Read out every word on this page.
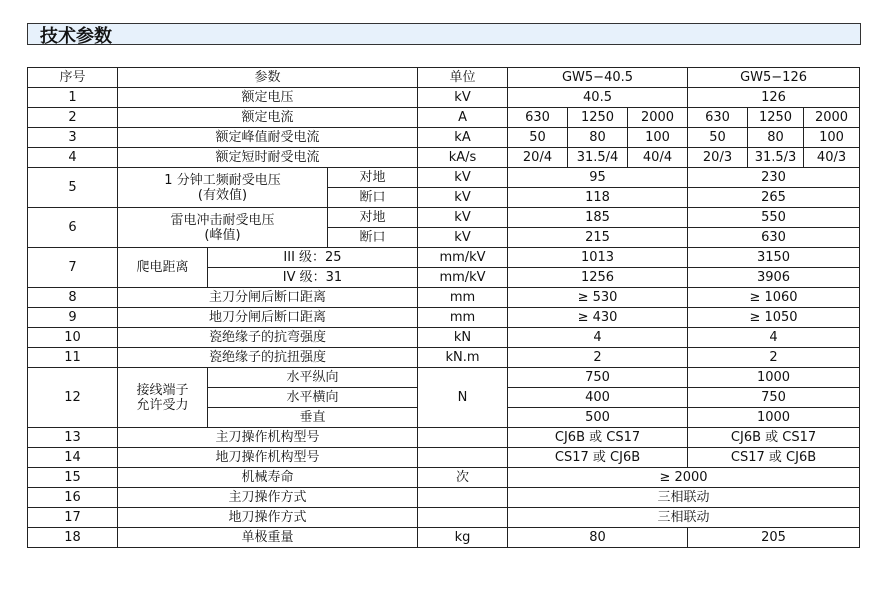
技术参数
序号	参数			单位	GW5−40.5			GW5−126		
1	额定电压			kV	40.5			126		
2	额定电流			A	630	1250	2000	630	1250	2000
3	额定峰值耐受电流			kA	50	80	100	50	80	100
4	额定短时耐受电流			kA/s	20/4	31.5/4	40/4	20/3	31.5/3	40/3
5	1 分钟工频耐受电压
(有效值)		对地	kV	95			230		
			断口	kV	118			265		
6	雷电冲击耐受电压
(峰值)		对地	kV	185			550		
			断口	kV	215			630		
7	爬电距离	III 级：25		mm/kV	1013			3150		
		IV 级：31		mm/kV	1256			3906		
8	主刀分闸后断口距离			mm	≥ 530			≥ 1060		
9	地刀分闸后断口距离			mm	≥ 430			≥ 1050		
10	瓷绝缘子的抗弯强度			kN	4			4		
11	瓷绝缘子的抗扭强度			kN.m	2			2		
12	接线端子
允许受力	水平纵向		N	750			1000		
		水平横向			400			750		
		垂直			500			1000		
13	主刀操作机构型号				CJ6B 或 CS17			CJ6B 或 CS17		
14	地刀操作机构型号				CS17 或 CJ6B			CS17 或 CJ6B		
15	机械寿命			次	≥ 2000					
16	主刀操作方式				三相联动					
17	地刀操作方式				三相联动					
18	单极重量			kg	80			205		
